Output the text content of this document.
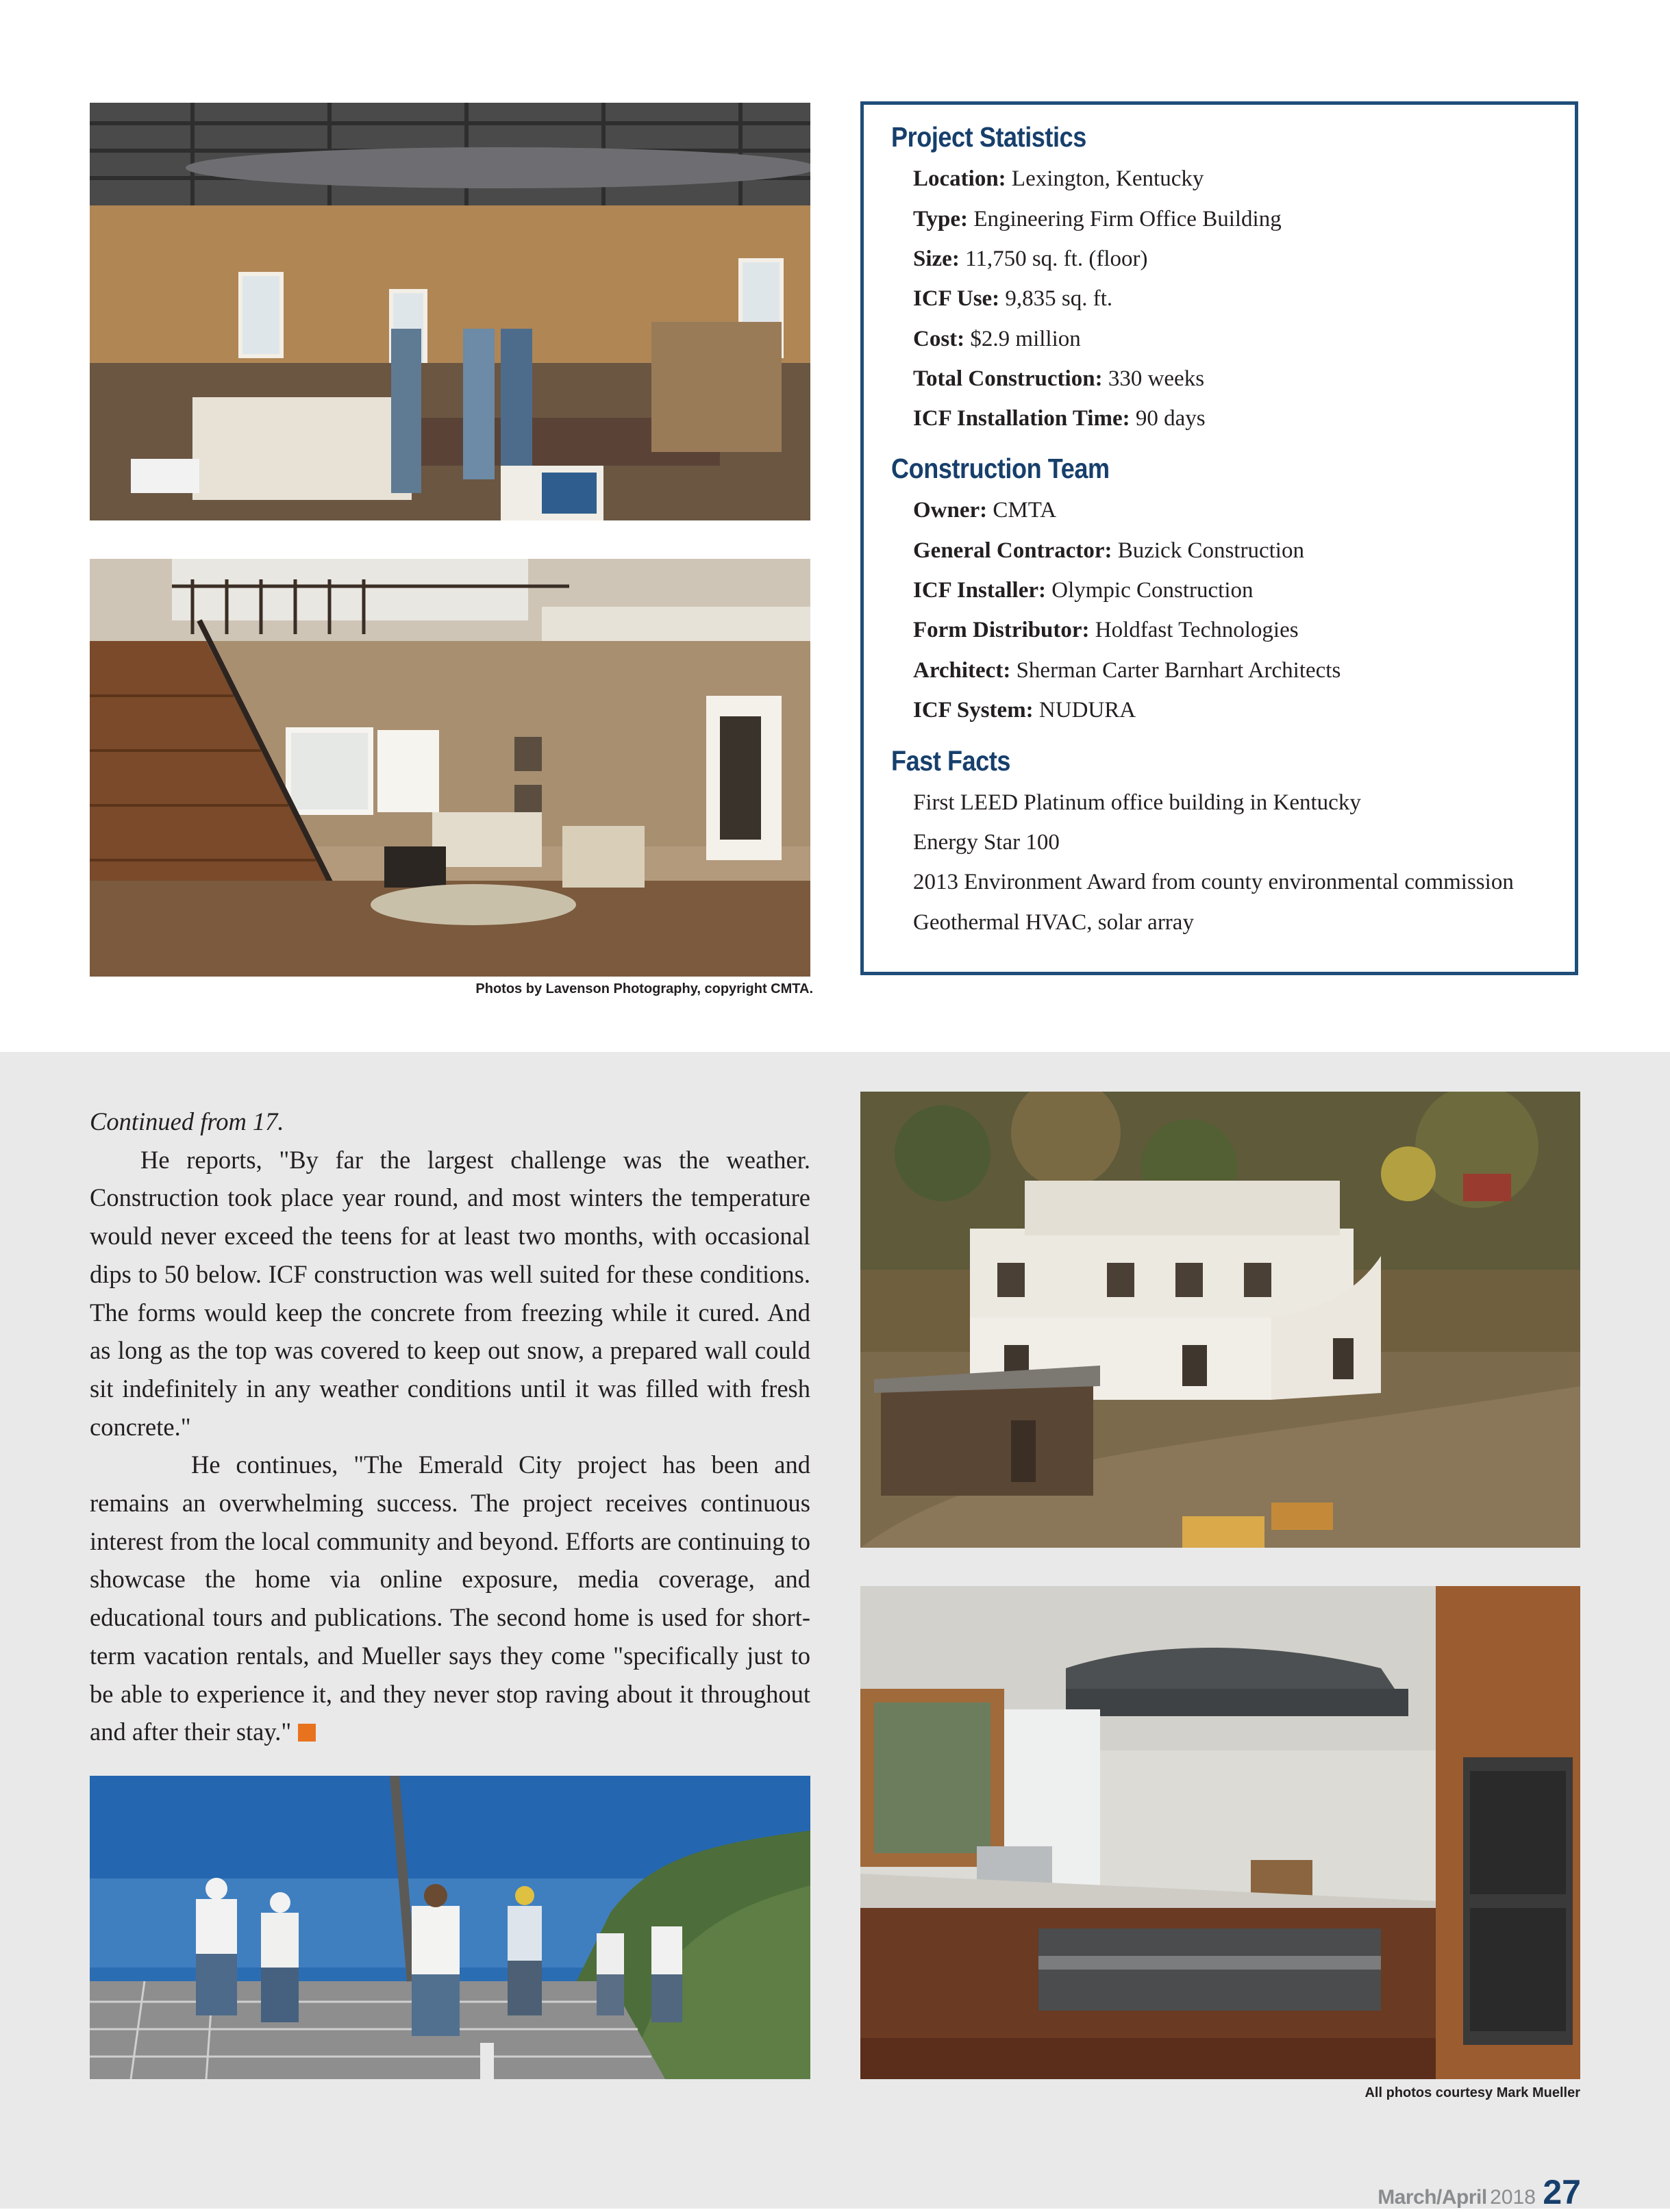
Photos by Lavenson Photography, copyright CMTA.
Project Statistics
Location: Lexington, Kentucky
Type: Engineering Firm Office Building
Size: 11,750 sq. ft. (floor)
ICF Use: 9,835 sq. ft.
Cost: $2.9 million
Total Construction: 330 weeks
ICF Installation Time: 90 days
Construction Team
Owner: CMTA
General Contractor: Buzick Construction
ICF Installer: Olympic Construction
Form Distributor: Holdfast Technologies
Architect: Sherman Carter Barnhart Architects
ICF System: NUDURA
Fast Facts
First LEED Platinum office building in Kentucky
Energy Star 100
2013 Environment Award from county environmental commission
Geothermal HVAC, solar array

Continued from 17.

He reports, "By far the largest challenge was the weather. Construction took place year round, and most winters the temperature would never exceed the teens for at least two months, with occasional dips to 50 below. ICF construction was well suited for these conditions. The forms would keep the concrete from freezing while it cured. And as long as the top was covered to keep out snow, a prepared wall could sit indefinitely in any weather conditions until it was filled with fresh concrete."

He continues, "The Emerald City project has been and remains an overwhelming success. The project receives continuous interest from the local community and beyond. Efforts are continuing to showcase the home via online exposure, media coverage, and educational tours and publications. The second home is used for short-term vacation rentals, and Mueller says they come "specifically just to be able to experience it, and they never stop raving about it throughout and after their stay."

All photos courtesy Mark Mueller
March/April 2018 27
